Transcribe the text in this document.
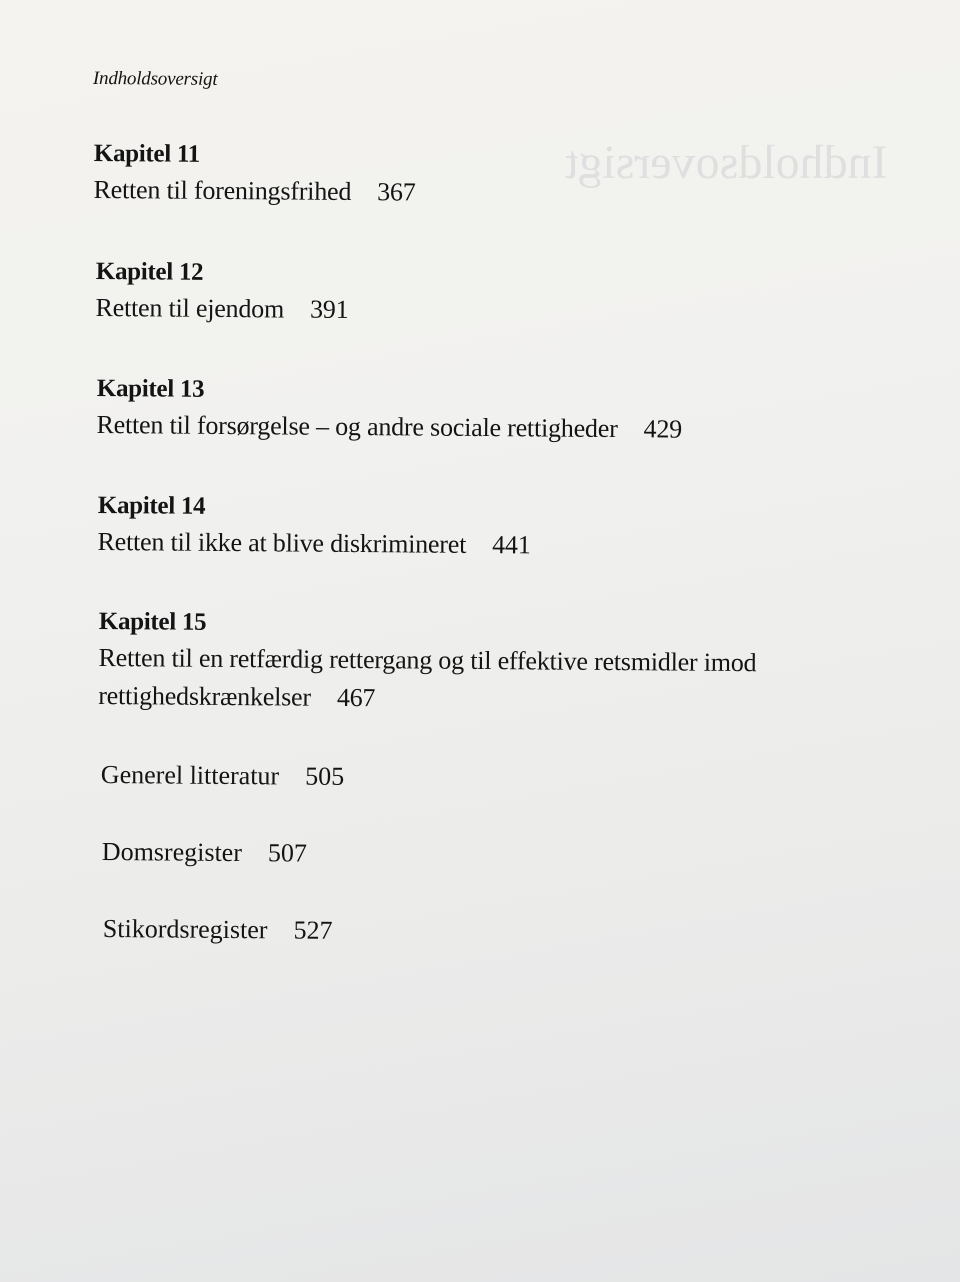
Indholdsoversigt
Indholdsoversigt
Kapitel 11
Retten til foreningsfrihed 367
Kapitel 12
Retten til ejendom 391
Kapitel 13
Retten til forsørgelse – og andre sociale rettigheder 429
Kapitel 14
Retten til ikke at blive diskrimineret 441
Kapitel 15
Retten til en retfærdig rettergang og til effektive retsmidler imod
rettighedskrænkelser 467
Generel litteratur 505
Domsregister 507
Stikordsregister 527
